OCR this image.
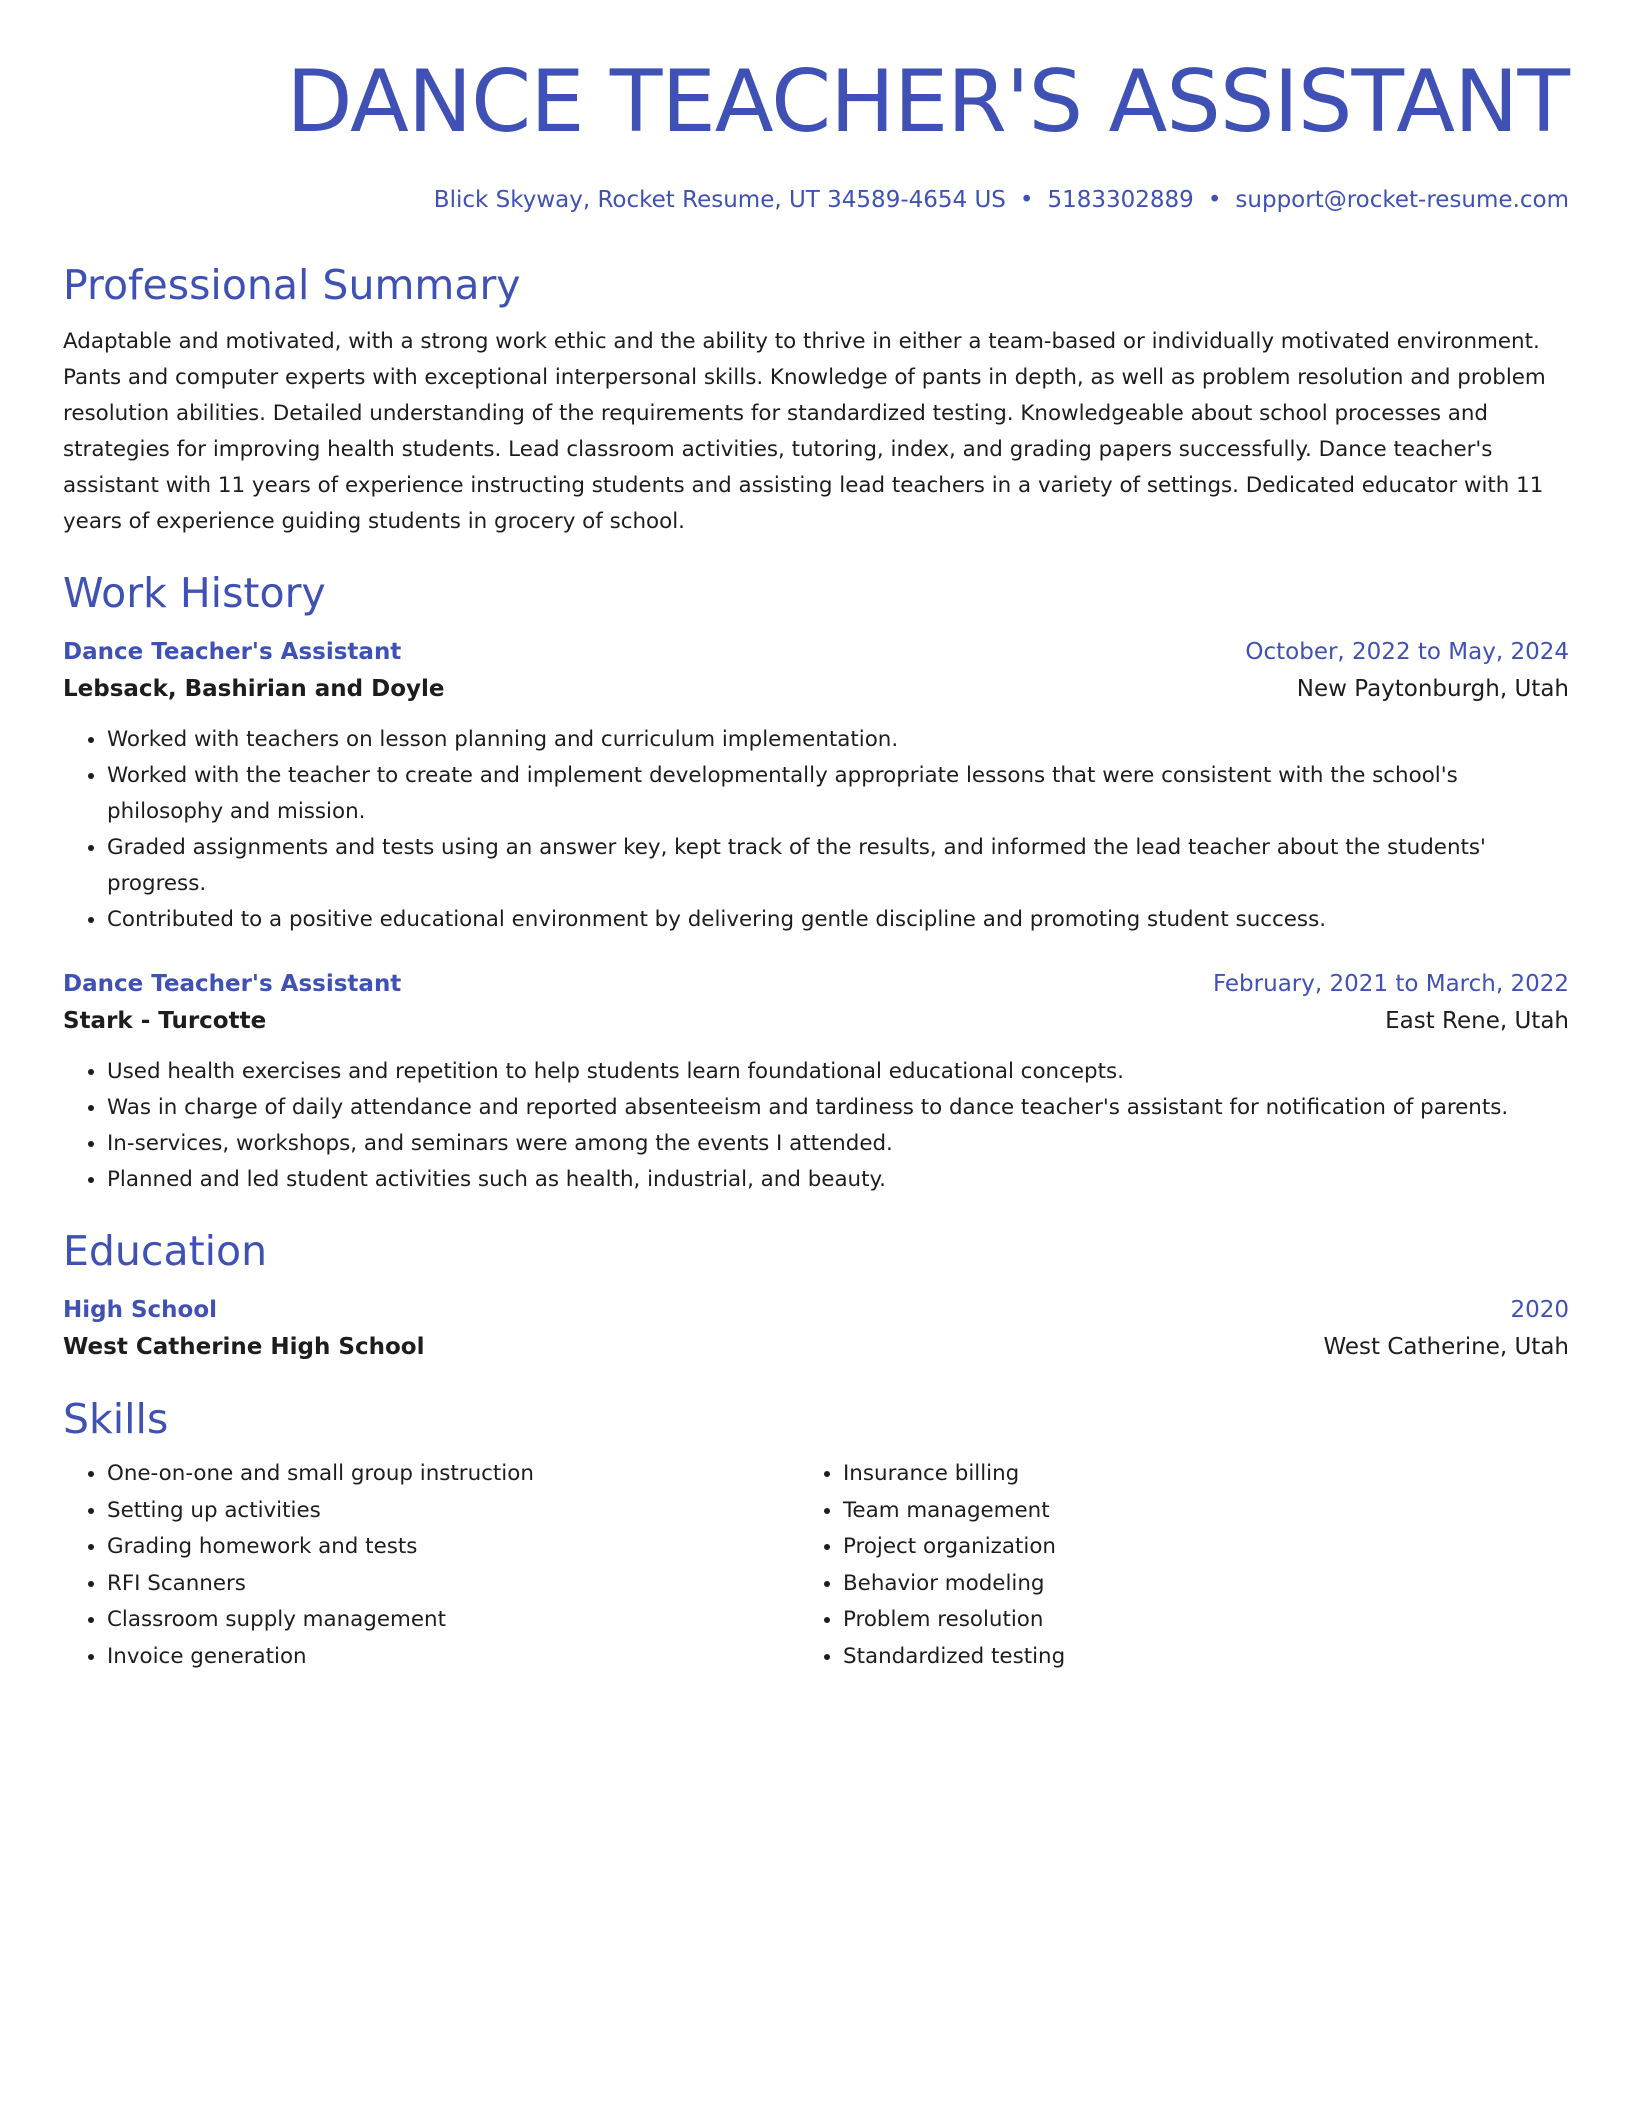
DANCE TEACHER'S ASSISTANT
Blick Skyway, Rocket Resume, UT 34589-4654 US • 5183302889 • support@rocket-resume.com
Professional Summary

Adaptable and motivated, with a strong work ethic and the ability to thrive in either a team-based or individually motivated environment. Pants and computer experts with exceptional interpersonal skills. Knowledge of pants in depth, as well as problem resolution and problem resolution abilities. Detailed understanding of the requirements for standardized testing. Knowledgeable about school processes and strategies for improving health students. Lead classroom activities, tutoring, index, and grading papers successfully. Dance teacher's assistant with 11 years of experience instructing students and assisting lead teachers in a variety of settings. Dedicated educator with 11 years of experience guiding students in grocery of school.

Work History
Dance Teacher's Assistant	October, 2022 to May, 2024
Lebsack, Bashirian and Doyle	New Paytonburgh, Utah
• Worked with teachers on lesson planning and curriculum implementation.
• Worked with the teacher to create and implement developmentally appropriate lessons that were consistent with the school's philosophy and mission.
• Graded assignments and tests using an answer key, kept track of the results, and informed the lead teacher about the students' progress.
• Contributed to a positive educational environment by delivering gentle discipline and promoting student success.
Dance Teacher's Assistant	February, 2021 to March, 2022
Stark - Turcotte	East Rene, Utah
• Used health exercises and repetition to help students learn foundational educational concepts.
• Was in charge of daily attendance and reported absenteeism and tardiness to dance teacher's assistant for notification of parents.
• In-services, workshops, and seminars were among the events I attended.
• Planned and led student activities such as health, industrial, and beauty.
Education
High School	2020
West Catherine High School	West Catherine, Utah
Skills
• One-on-one and small group instruction
• Setting up activities
• Grading homework and tests
• RFI Scanners
• Classroom supply management
• Invoice generation
• Insurance billing
• Team management
• Project organization
• Behavior modeling
• Problem resolution
• Standardized testing
